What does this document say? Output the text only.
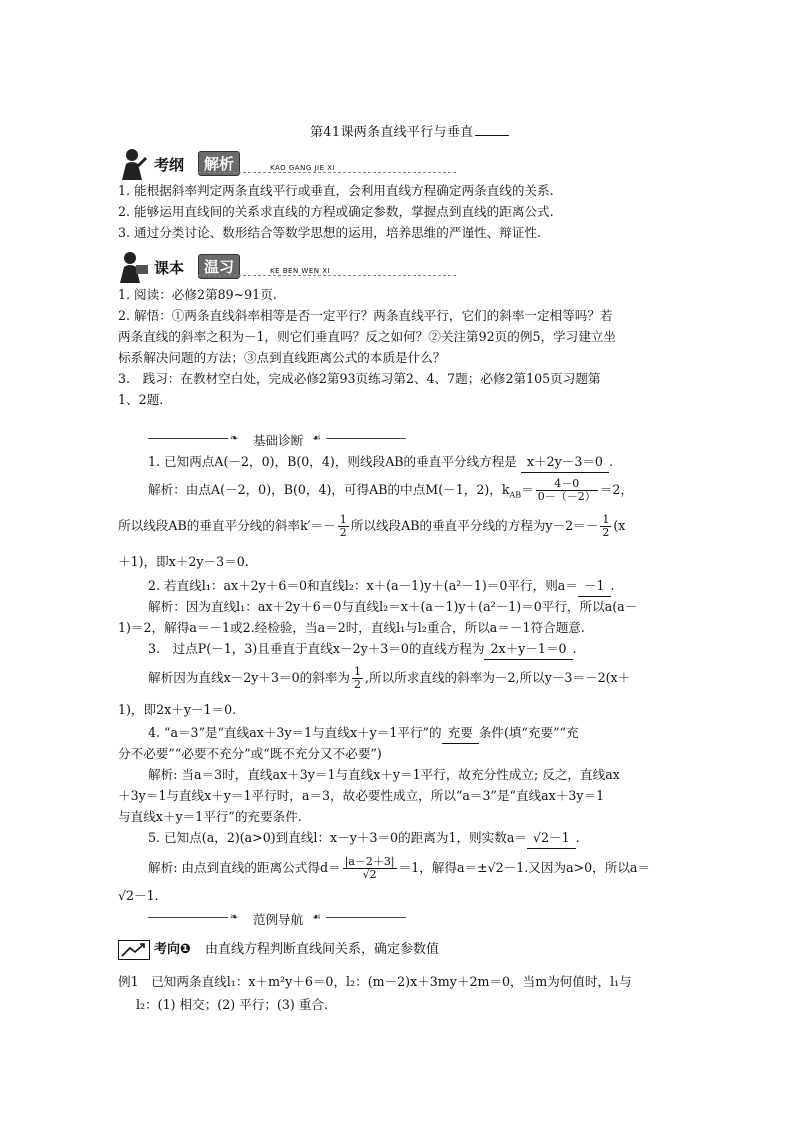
第41课两条直线平行与垂直
考纲	解析	KAO GANG JIE XI
1. 能根据斜率判定两条直线平行或垂直，会利用直线方程确定两条直线的关系.
2. 能够运用直线间的关系求直线的方程或确定参数，掌握点到直线的距离公式.
3. 通过分类讨论、数形结合等数学思想的运用，培养思维的严谨性、辩证性.
课本	温习	KE BEN WEN XI
1. 阅读：必修2第89~91页.
2. 解悟：①两条直线斜率相等是否一定平行？两条直线平行，它们的斜率一定相等吗？若
两条直线的斜率之积为－1，则它们垂直吗？反之如何？②关注第92页的例5，学习建立坐
标系解决问题的方法；③点到直线距离公式的本质是什么？
3.　践习：在教材空白处，完成必修2第93页练习第2、4、7题；必修2第105页习题第
1、2题.
❧	基础诊断 ☙
1. 已知两点A(－2，0)，B(0，4)，则线段AB的垂直平分线方程是 x＋2y－3＝0 .
解析：由点A(－2，0)，B(0，4)，可得AB的中点M(－1，2)，$k_{AB}= \frac{4-0}{0-(-2)} =2$，
所以线段AB的垂直平分线的斜率$k'=- \frac{1}{2}$ 所以线段AB的垂直平分线的方程为$y-2=- \frac{1}{2} (x$
＋1)，即x＋2y－3＝0.
2. 若直线l₁：ax＋2y＋6＝0和直线l₂：x＋(a－1)y＋(a²－1)＝0平行，则a＝ －1 .
解析：因为直线l₁：ax＋2y＋6＝0与直线l₂＝x＋(a－1)y＋(a²－1)＝0平行，所以a(a－
1)＝2，解得a＝－1或2.经检验，当a＝2时，直线l₁与l₂重合，所以a＝－1符合题意.
3.　过点P(－1，3)且垂直于直线x－2y＋3＝0的直线方程为 2x＋y－1＝0 .
解析因为直线x－2y＋3＝0的斜率为 $\frac{1}{2}$ ,所以所求直线的斜率为－2,所以y－3＝－2(x＋
1)，即2x＋y－1＝0.
4. “a＝3”是“直线ax＋3y＝1与直线x＋y＝1平行”的 充要 条件(填“充要”“充
分不必要”“必要不充分”或“既不充分又不必要”)
解析: 当a＝3时，直线ax＋3y＝1与直线x＋y＝1平行，故充分性成立; 反之，直线ax
＋3y＝1与直线x＋y＝1平行时，a＝3，故必要性成立，所以“a＝3”是“直线ax＋3y＝1
与直线x＋y＝1平行”的充要条件.
5. 已知点(a，2)(a>0)到直线l：x－y＋3＝0的距离为1，则实数a＝ √2－1 .
解析: 由点到直线的距离公式得$d= \frac{|a-2+3|}{√2} =1$，解得a＝±√2－1.又因为a>0，所以a＝
√2－1.
❧	范例导航 ☙
考向❶ 由直线方程判断直线间关系，确定参数值
例1　已知两条直线l₁：x＋m²y＋6＝0，l₂：(m－2)x＋3my＋2m＝0，当m为何值时，l₁与
l₂：(1) 相交；(2) 平行；(3) 重合.
